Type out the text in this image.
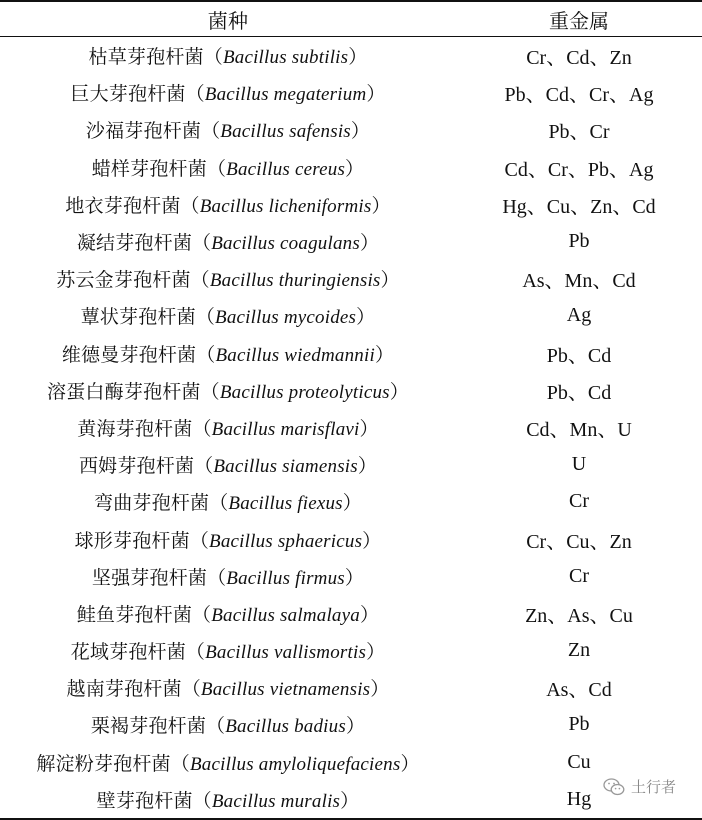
菌种	重金属
枯草芽孢杆菌（Bacillus subtilis）	Cr、Cd、Zn
巨大芽孢杆菌（Bacillus megaterium）	Pb、Cd、Cr、Ag
沙福芽孢杆菌（Bacillus safensis）	Pb、Cr
蜡样芽孢杆菌（Bacillus cereus）	Cd、Cr、Pb、Ag
地衣芽孢杆菌（Bacillus licheniformis）	Hg、Cu、Zn、Cd
凝结芽孢杆菌（Bacillus coagulans）	Pb
苏云金芽孢杆菌（Bacillus thuringiensis）	As、Mn、Cd
蕈状芽孢杆菌（Bacillus mycoides）	Ag
维德曼芽孢杆菌（Bacillus wiedmannii）	Pb、Cd
溶蛋白酶芽孢杆菌（Bacillus proteolyticus）	Pb、Cd
黄海芽孢杆菌（Bacillus marisflavi）	Cd、Mn、U
西姆芽孢杆菌（Bacillus siamensis）	U
弯曲芽孢杆菌（Bacillus fiexus）	Cr
球形芽孢杆菌（Bacillus sphaericus）	Cr、Cu、Zn
坚强芽孢杆菌（Bacillus firmus）	Cr
鲑鱼芽孢杆菌（Bacillus salmalaya）	Zn、As、Cu
花域芽孢杆菌（Bacillus vallismortis）	Zn
越南芽孢杆菌（Bacillus vietnamensis）	As、Cd
栗褐芽孢杆菌（Bacillus badius）	Pb
解淀粉芽孢杆菌（Bacillus amyloliquefaciens）	Cu
壁芽孢杆菌（Bacillus muralis）	Hg
土行者
